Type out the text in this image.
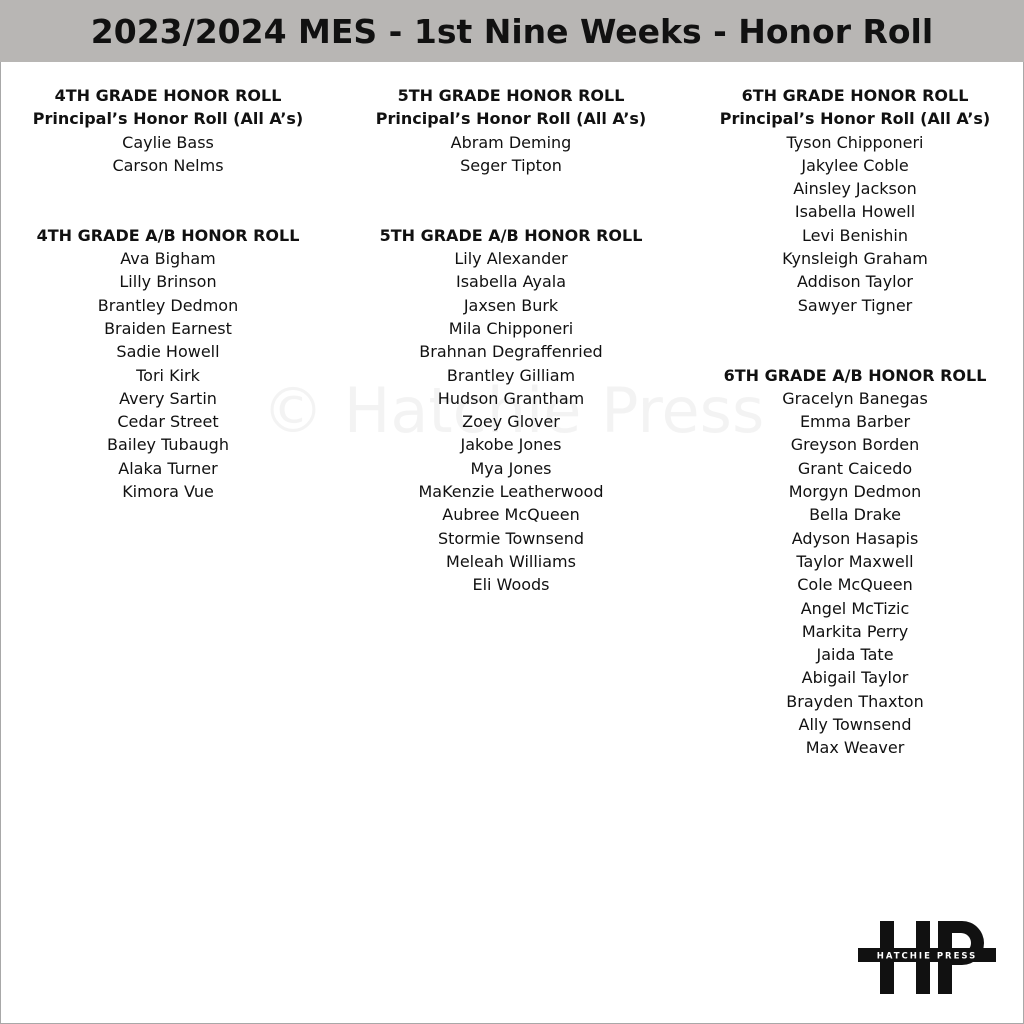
2023/2024 MES - 1st Nine Weeks - Honor Roll
4TH GRADE HONOR ROLL
Principal’s Honor Roll (All A’s)
Caylie Bass
Carson Nelms
4TH GRADE A/B HONOR ROLL
Ava Bigham
Lilly Brinson
Brantley Dedmon
Braiden Earnest
Sadie Howell
Tori Kirk
Avery Sartin
Cedar Street
Bailey Tubaugh
Alaka Turner
Kimora Vue
5TH GRADE HONOR ROLL
Principal’s Honor Roll (All A’s)
Abram Deming
Seger Tipton
5TH GRADE A/B HONOR ROLL
Lily Alexander
Isabella Ayala
Jaxsen Burk
Mila Chipponeri
Brahnan Degraffenried
Brantley Gilliam
Hudson Grantham
Zoey Glover
Jakobe Jones
Mya Jones
MaKenzie Leatherwood
Aubree McQueen
Stormie Townsend
Meleah Williams
Eli Woods
6TH GRADE HONOR ROLL
Principal’s Honor Roll (All A’s)
Tyson Chipponeri
Jakylee Coble
Ainsley Jackson
Isabella Howell
Levi Benishin
Kynsleigh Graham
Addison Taylor
Sawyer Tigner
6TH GRADE A/B HONOR ROLL
Gracelyn Banegas
Emma Barber
Greyson Borden
Grant Caicedo
Morgyn Dedmon
Bella Drake
Adyson Hasapis
Taylor Maxwell
Cole McQueen
Angel McTizic
Markita Perry
Jaida Tate
Abigail Taylor
Brayden Thaxton
Ally Townsend
Max Weaver
HATCHIE PRESS
